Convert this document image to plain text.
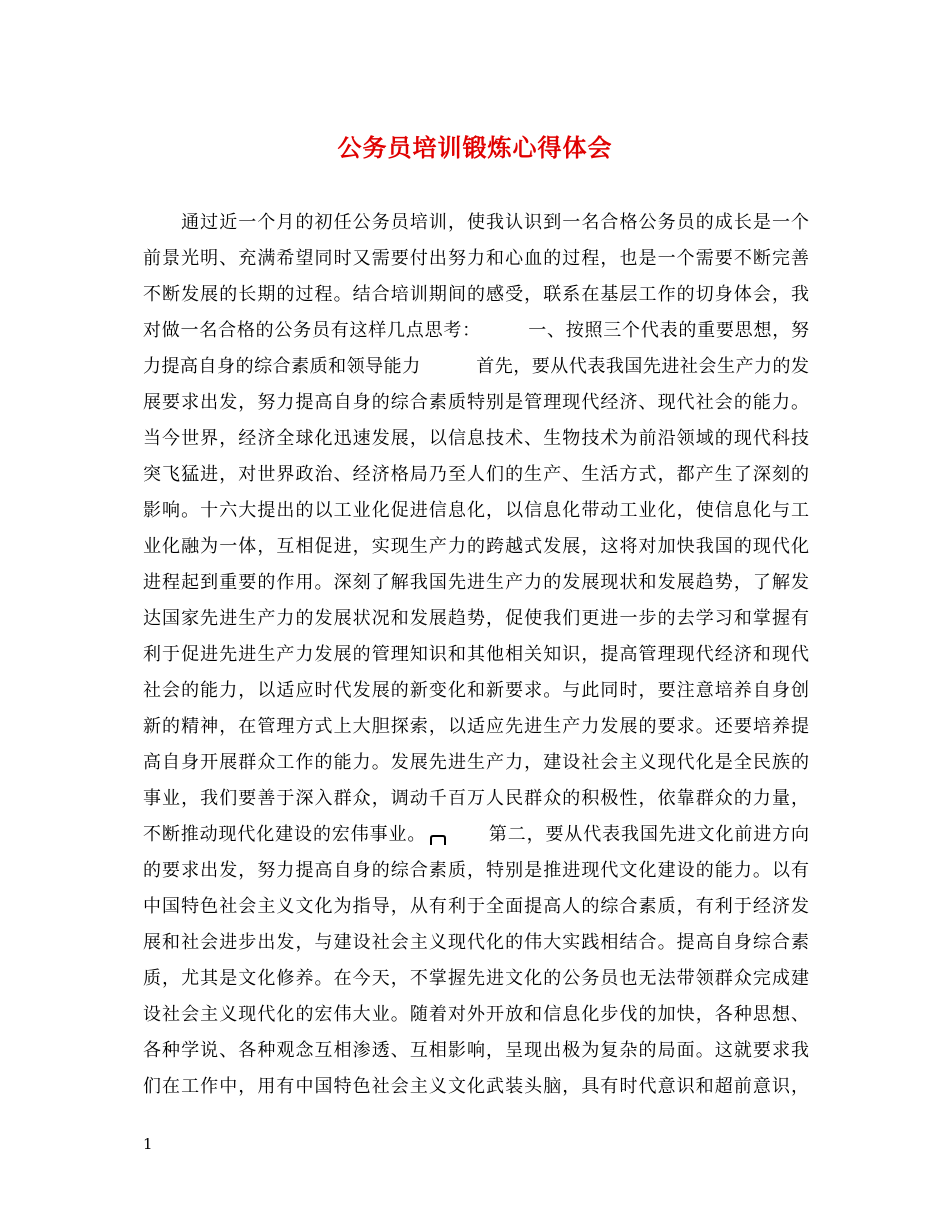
公务员培训锻炼心得体会
　　通过近一个月的初任公务员培训，使我认识到一名合格公务员的成长是一个
前景光明、充满希望同时又需要付出努力和心血的过程，也是一个需要不断完善
不断发展的长期的过程。结合培训期间的感受，联系在基层工作的切身体会，我
对做一名合格的公务员有这样几点思考：　　　一、按照三个代表的重要思想，努
力提高自身的综合素质和领导能力　　　首先，要从代表我国先进社会生产力的发
展要求出发，努力提高自身的综合素质特别是管理现代经济、现代社会的能力。
当今世界，经济全球化迅速发展，以信息技术、生物技术为前沿领域的现代科技
突飞猛进，对世界政治、经济格局乃至人们的生产、生活方式，都产生了深刻的
影响。十六大提出的以工业化促进信息化，以信息化带动工业化，使信息化与工
业化融为一体，互相促进，实现生产力的跨越式发展，这将对加快我国的现代化
进程起到重要的作用。深刻了解我国先进生产力的发展现状和发展趋势，了解发
达国家先进生产力的发展状况和发展趋势，促使我们更进一步的去学习和掌握有
利于促进先进生产力发展的管理知识和其他相关知识，提高管理现代经济和现代
社会的能力，以适应时代发展的新变化和新要求。与此同时，要注意培养自身创
新的精神，在管理方式上大胆探索，以适应先进生产力发展的要求。还要培养提
高自身开展群众工作的能力。发展先进生产力，建设社会主义现代化是全民族的
事业，我们要善于深入群众，调动千百万人民群众的积极性，依靠群众的力量，
不断推动现代化建设的宏伟事业。
　　第二，要从代表我国先进文化前进方向
的要求出发，努力提高自身的综合素质，特别是推进现代文化建设的能力。以有
中国特色社会主义文化为指导，从有利于全面提高人的综合素质，有利于经济发
展和社会进步出发，与建设社会主义现代化的伟大实践相结合。提高自身综合素
质，尤其是文化修养。在今天，不掌握先进文化的公务员也无法带领群众完成建
设社会主义现代化的宏伟大业。随着对外开放和信息化步伐的加快，各种思想、
各种学说、各种观念互相渗透、互相影响，呈现出极为复杂的局面。这就要求我
们在工作中，用有中国特色社会主义文化武装头脑，具有时代意识和超前意识，
1
